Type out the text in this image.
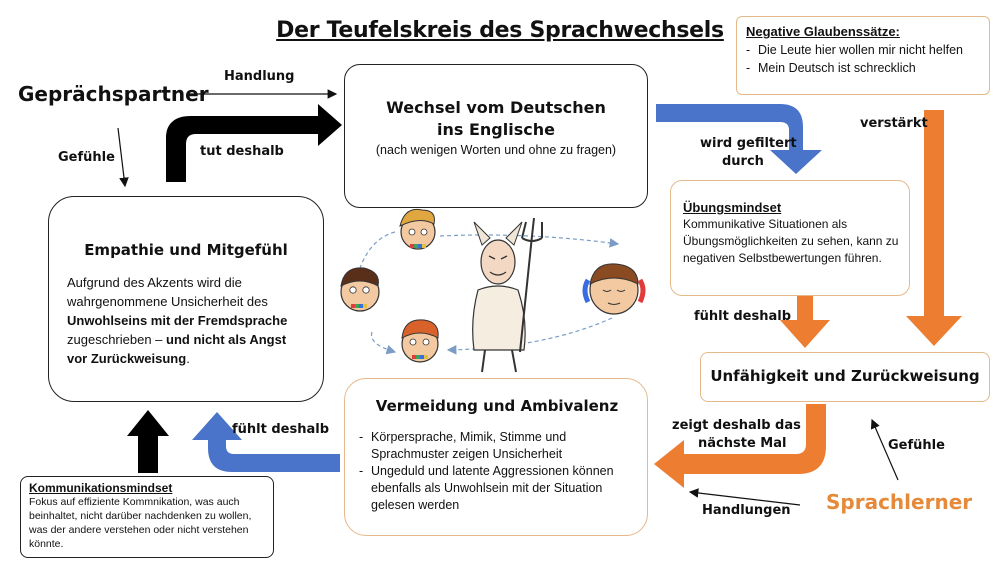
Der Teufelskreis des Sprachwechsels
Geprächspartner
Sprachlerner
Negative Glaubenssätze:
- Die Leute hier wollen mir nicht helfen
- Mein Deutsch ist schrecklich
Wechsel vom Deutschen
ins Englische
(nach wenigen Worten und ohne zu fragen)
Empathie und Mitgefühl
Aufgrund des Akzents wird die wahrgenommene Unsicherheit des Unwohlseins mit der Fremdsprache zugeschrieben – und nicht als Angst vor Zurückweisung.
Übungsmindset
Kommunikative Situationen als Übungsmöglichkeiten zu sehen, kann zu negativen Selbstbewertungen führen.
Unfähigkeit und Zurückweisung
Vermeidung und Ambivalenz
- Körpersprache, Mimik, Stimme und Sprachmuster zeigen Unsicherheit
- Ungeduld und latente Aggressionen können ebenfalls als Unwohlsein mit der Situation gelesen werden
Kommunikationsmindset
Fokus auf effiziente Kommnikation, was auch beinhaltet, nicht darüber nachdenken zu wollen, was der andere verstehen oder nicht verstehen könnte.
Handlung
Gefühle	tut deshalb
wird gefiltert
durch
verstärkt
fühlt deshalb
fühlt deshalb	zeigt deshalb das
nächste Mal	Gefühle
Handlungen
